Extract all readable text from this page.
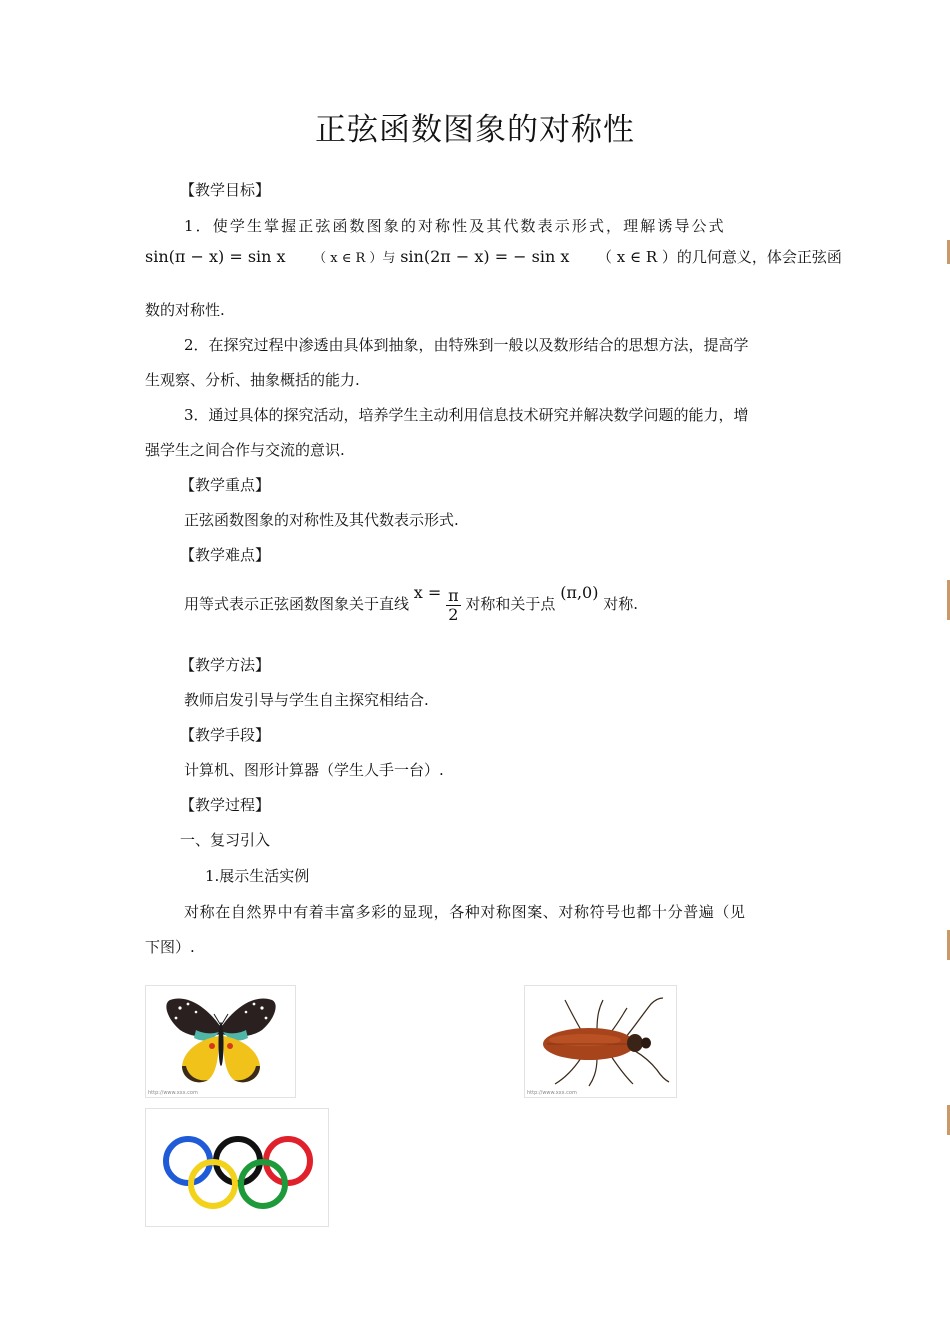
正弦函数图象的对称性
【教学目标】
1．使学生掌握正弦函数图象的对称性及其代数表示形式，理解诱导公式
sin(π − x) = sin x （ x ∈ R ）与 sin(2π − x) = − sin x （ x ∈ R ）的几何意义，体会正弦函
数的对称性.
2．在探究过程中渗透由具体到抽象，由特殊到一般以及数形结合的思想方法，提高学
生观察、分析、抽象概括的能力.
3．通过具体的探究活动，培养学生主动利用信息技术研究并解决数学问题的能力，增
强学生之间合作与交流的意识.
【教学重点】
正弦函数图象的对称性及其代数表示形式.
【教学难点】
用等式表示正弦函数图象关于直线 $x = \frac{\pi}{2}$ 对称和关于点 (π,0) 对称.
【教学方法】
教师启发引导与学生自主探究相结合.
【教学手段】
计算机、图形计算器（学生人手一台）.
【教学过程】
一、复习引入
1.展示生活实例
对称在自然界中有着丰富多彩的显现，各种对称图案、对称符号也都十分普遍（见
下图）.
http://www.xxx.com	http://www.xxx.com
